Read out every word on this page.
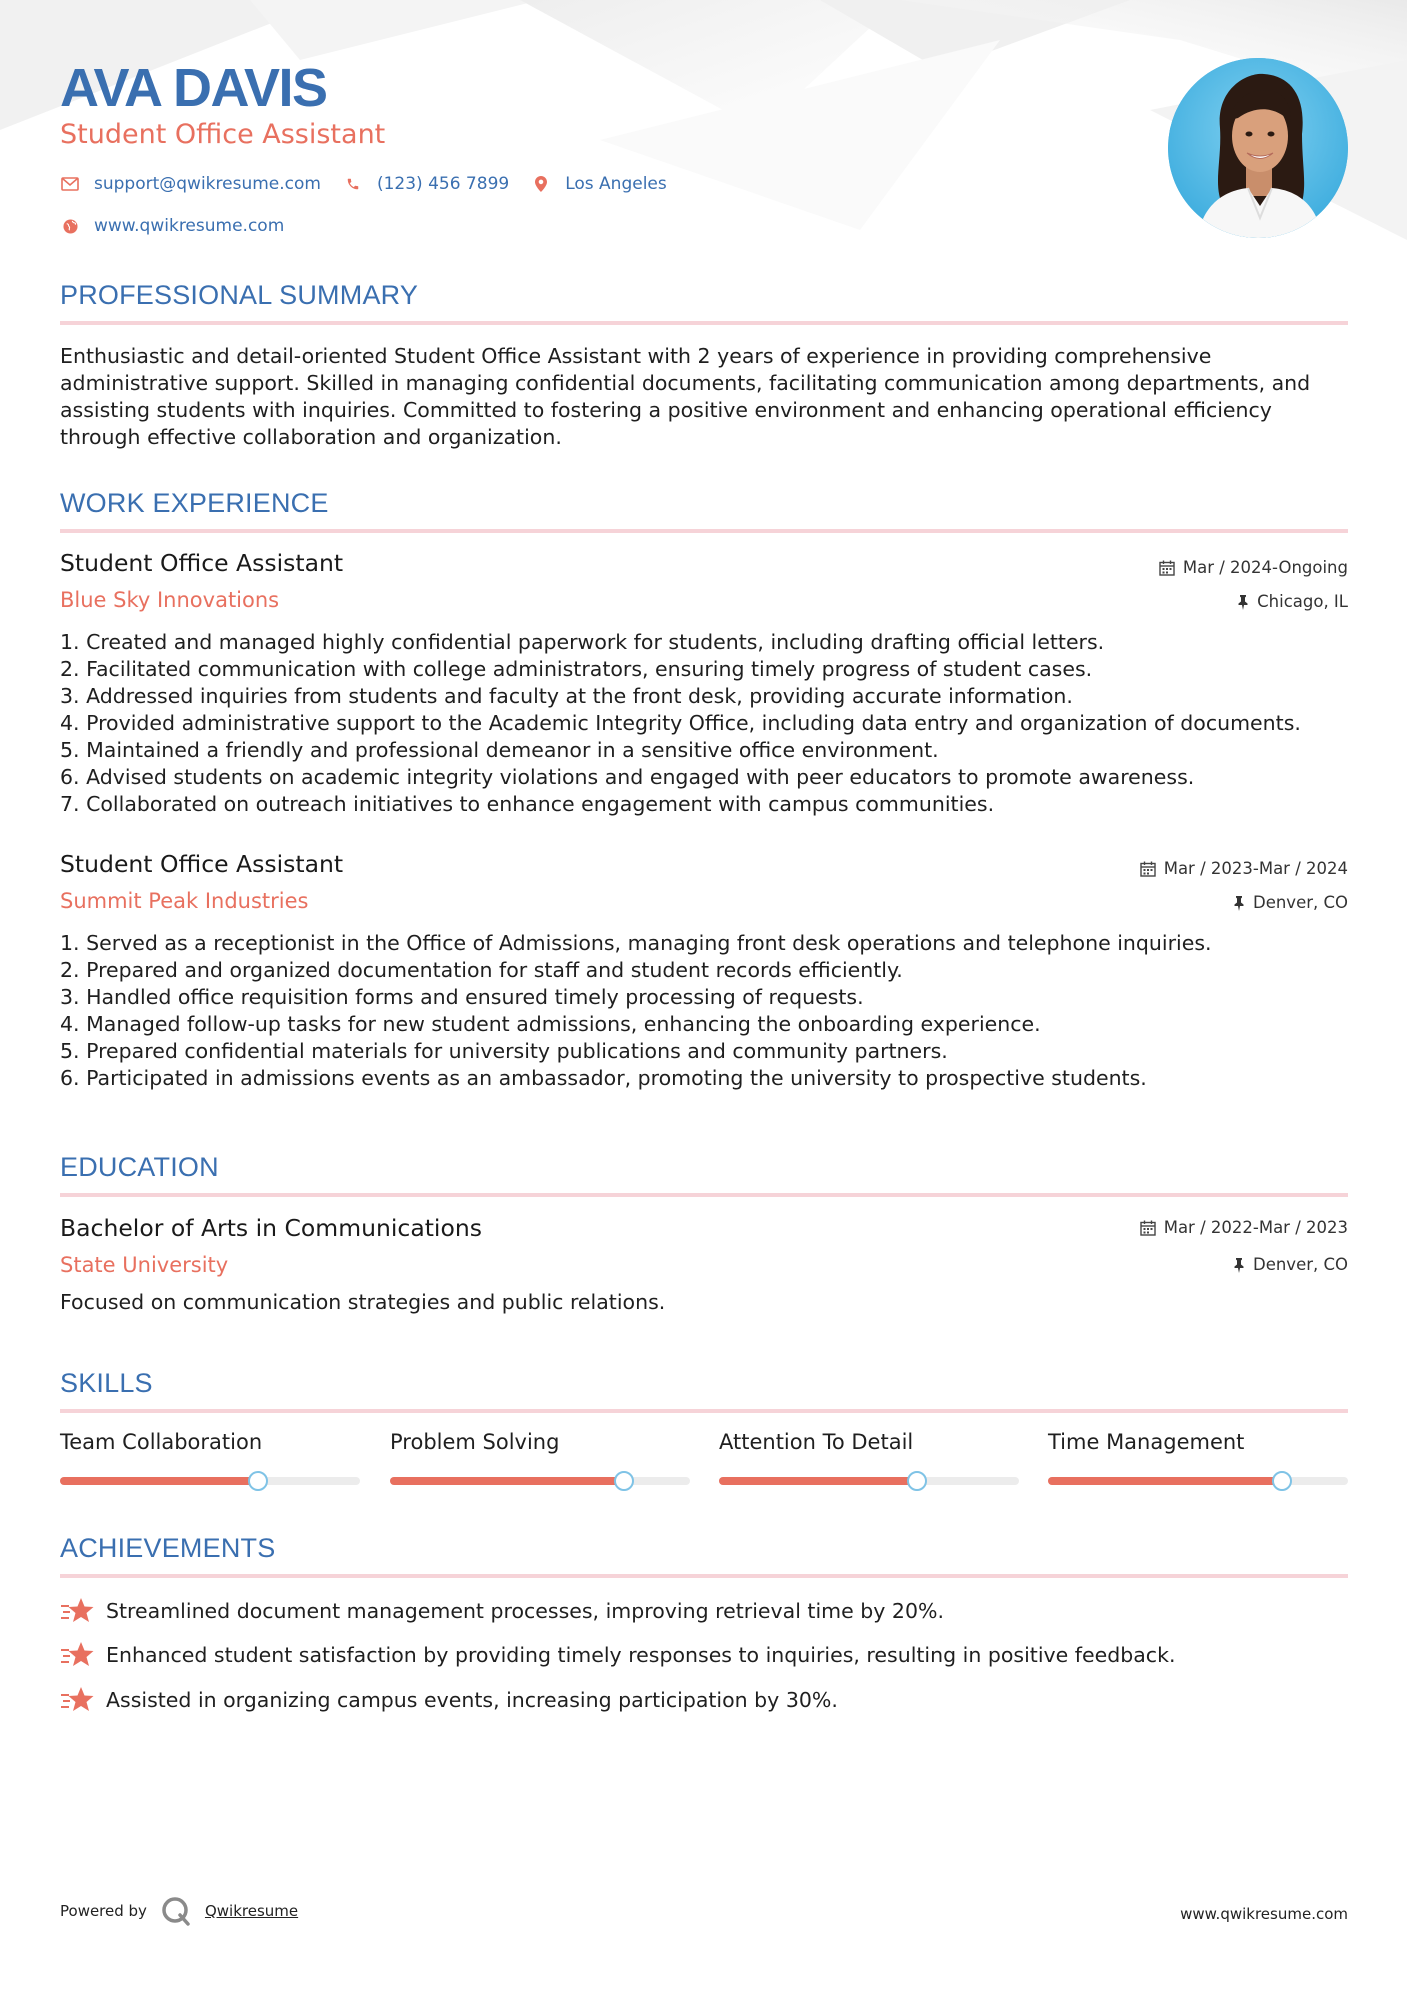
AVA DAVIS
Student Office Assistant
support@qwikresume.com	(123) 456 7899	Los Angeles
www.qwikresume.com
PROFESSIONAL SUMMARY
Enthusiastic and detail-oriented Student Office Assistant with 2 years of experience in providing comprehensive
administrative support. Skilled in managing confidential documents, facilitating communication among departments, and
assisting students with inquiries. Committed to fostering a positive environment and enhancing operational efficiency
through effective collaboration and organization.
WORK EXPERIENCE
Student Office Assistant
Blue Sky Innovations
Mar / 2024-Ongoing
Chicago, IL
1. Created and managed highly confidential paperwork for students, including drafting official letters.
2. Facilitated communication with college administrators, ensuring timely progress of student cases.
3. Addressed inquiries from students and faculty at the front desk, providing accurate information.
4. Provided administrative support to the Academic Integrity Office, including data entry and organization of documents.
5. Maintained a friendly and professional demeanor in a sensitive office environment.
6. Advised students on academic integrity violations and engaged with peer educators to promote awareness.
7. Collaborated on outreach initiatives to enhance engagement with campus communities.
Student Office Assistant
Summit Peak Industries
Mar / 2023-Mar / 2024
Denver, CO
1. Served as a receptionist in the Office of Admissions, managing front desk operations and telephone inquiries.
2. Prepared and organized documentation for staff and student records efficiently.
3. Handled office requisition forms and ensured timely processing of requests.
4. Managed follow-up tasks for new student admissions, enhancing the onboarding experience.
5. Prepared confidential materials for university publications and community partners.
6. Participated in admissions events as an ambassador, promoting the university to prospective students.
EDUCATION
Bachelor of Arts in Communications
State University
Mar / 2022-Mar / 2023
Denver, CO
Focused on communication strategies and public relations.
SKILLS
Team Collaboration	Problem Solving	Attention To Detail	Time Management
ACHIEVEMENTS
Streamlined document management processes, improving retrieval time by 20%.
Enhanced student satisfaction by providing timely responses to inquiries, resulting in positive feedback.
Assisted in organizing campus events, increasing participation by 30%.
Powered by	Qwikresume	www.qwikresume.com
